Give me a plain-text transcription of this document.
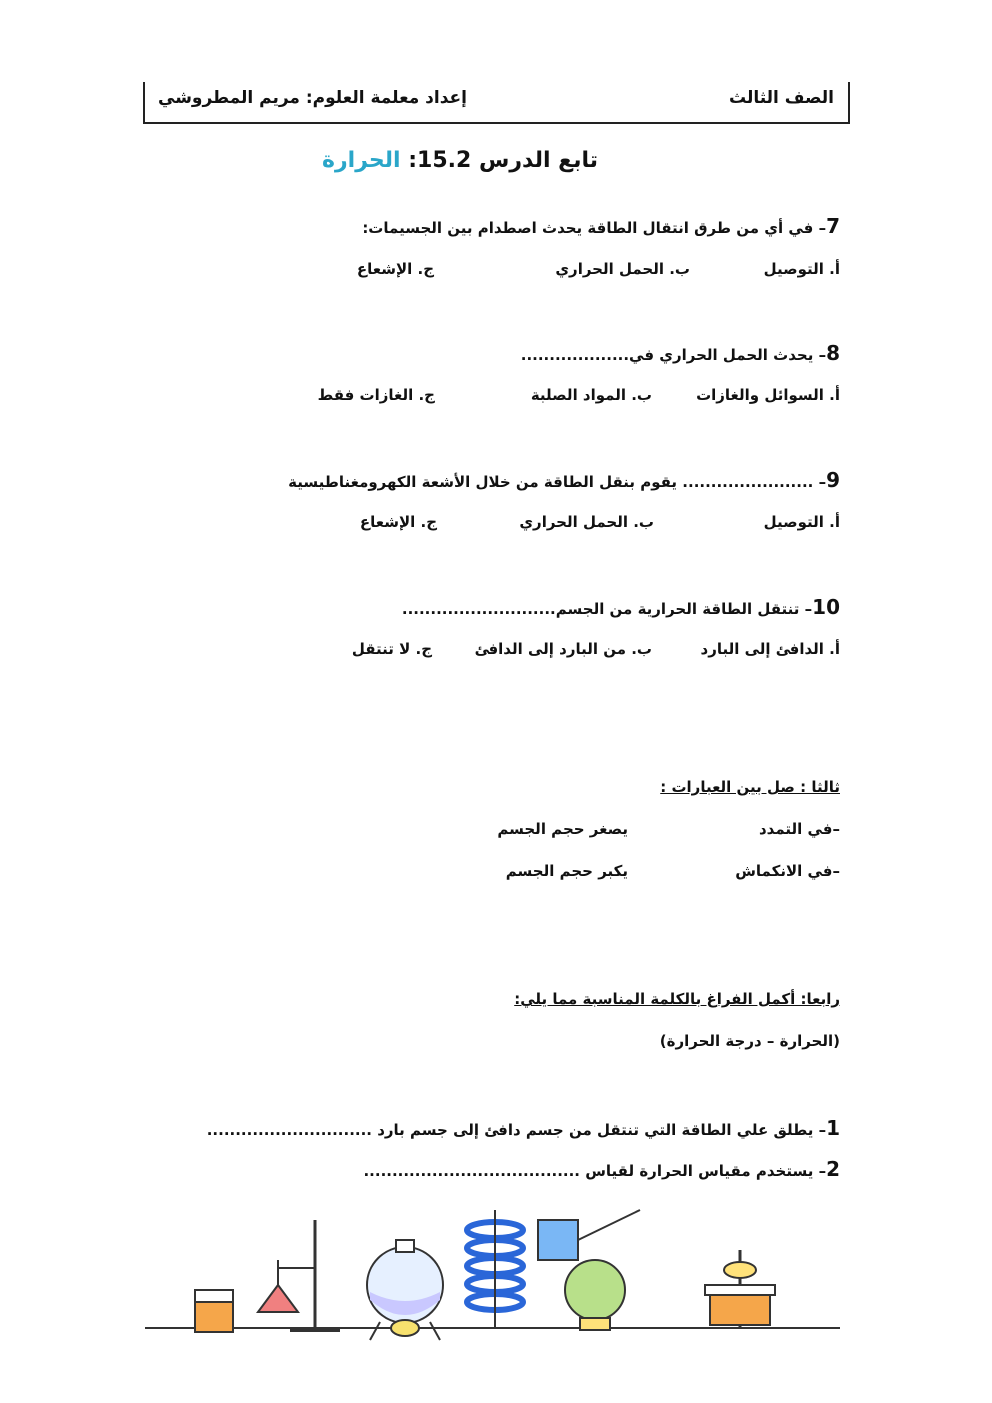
الصف الثالث
إعداد معلمة العلوم: مريم المطروشي
تابع الدرس 15.2: الحرارة
7– في أي من طرق انتقال الطاقة يحدث اصطدام بين الجسيمات:
أ. التوصيل
ب. الحمل الحراري
ج. الإشعاع
8– يحدث الحمل الحراري في...................
أ. السوائل والغازات
ب. المواد الصلبة
ج. الغازات فقط
9– ....................... يقوم بنقل الطاقة من خلال الأشعة الكهرومغناطيسية
أ. التوصيل
ب. الحمل الحراري
ج. الإشعاع
10– تنتقل الطاقة الحرارية من الجسم...........................
أ. الدافئ إلى البارد
ب. من البارد إلى الدافئ
ج. لا تنتقل
ثالثا : صل بين العبارات :
–في التمدد
يصغر حجم الجسم
–في الانكماش
يكبر حجم الجسم
رابعا: أكمل الفراغ بالكلمة المناسبة مما يلي:
(الحرارة – درجة الحرارة)
1– يطلق علي الطاقة التي تنتقل من جسم دافئ إلى جسم بارد .............................
2– يستخدم مقياس الحرارة لقياس ......................................
